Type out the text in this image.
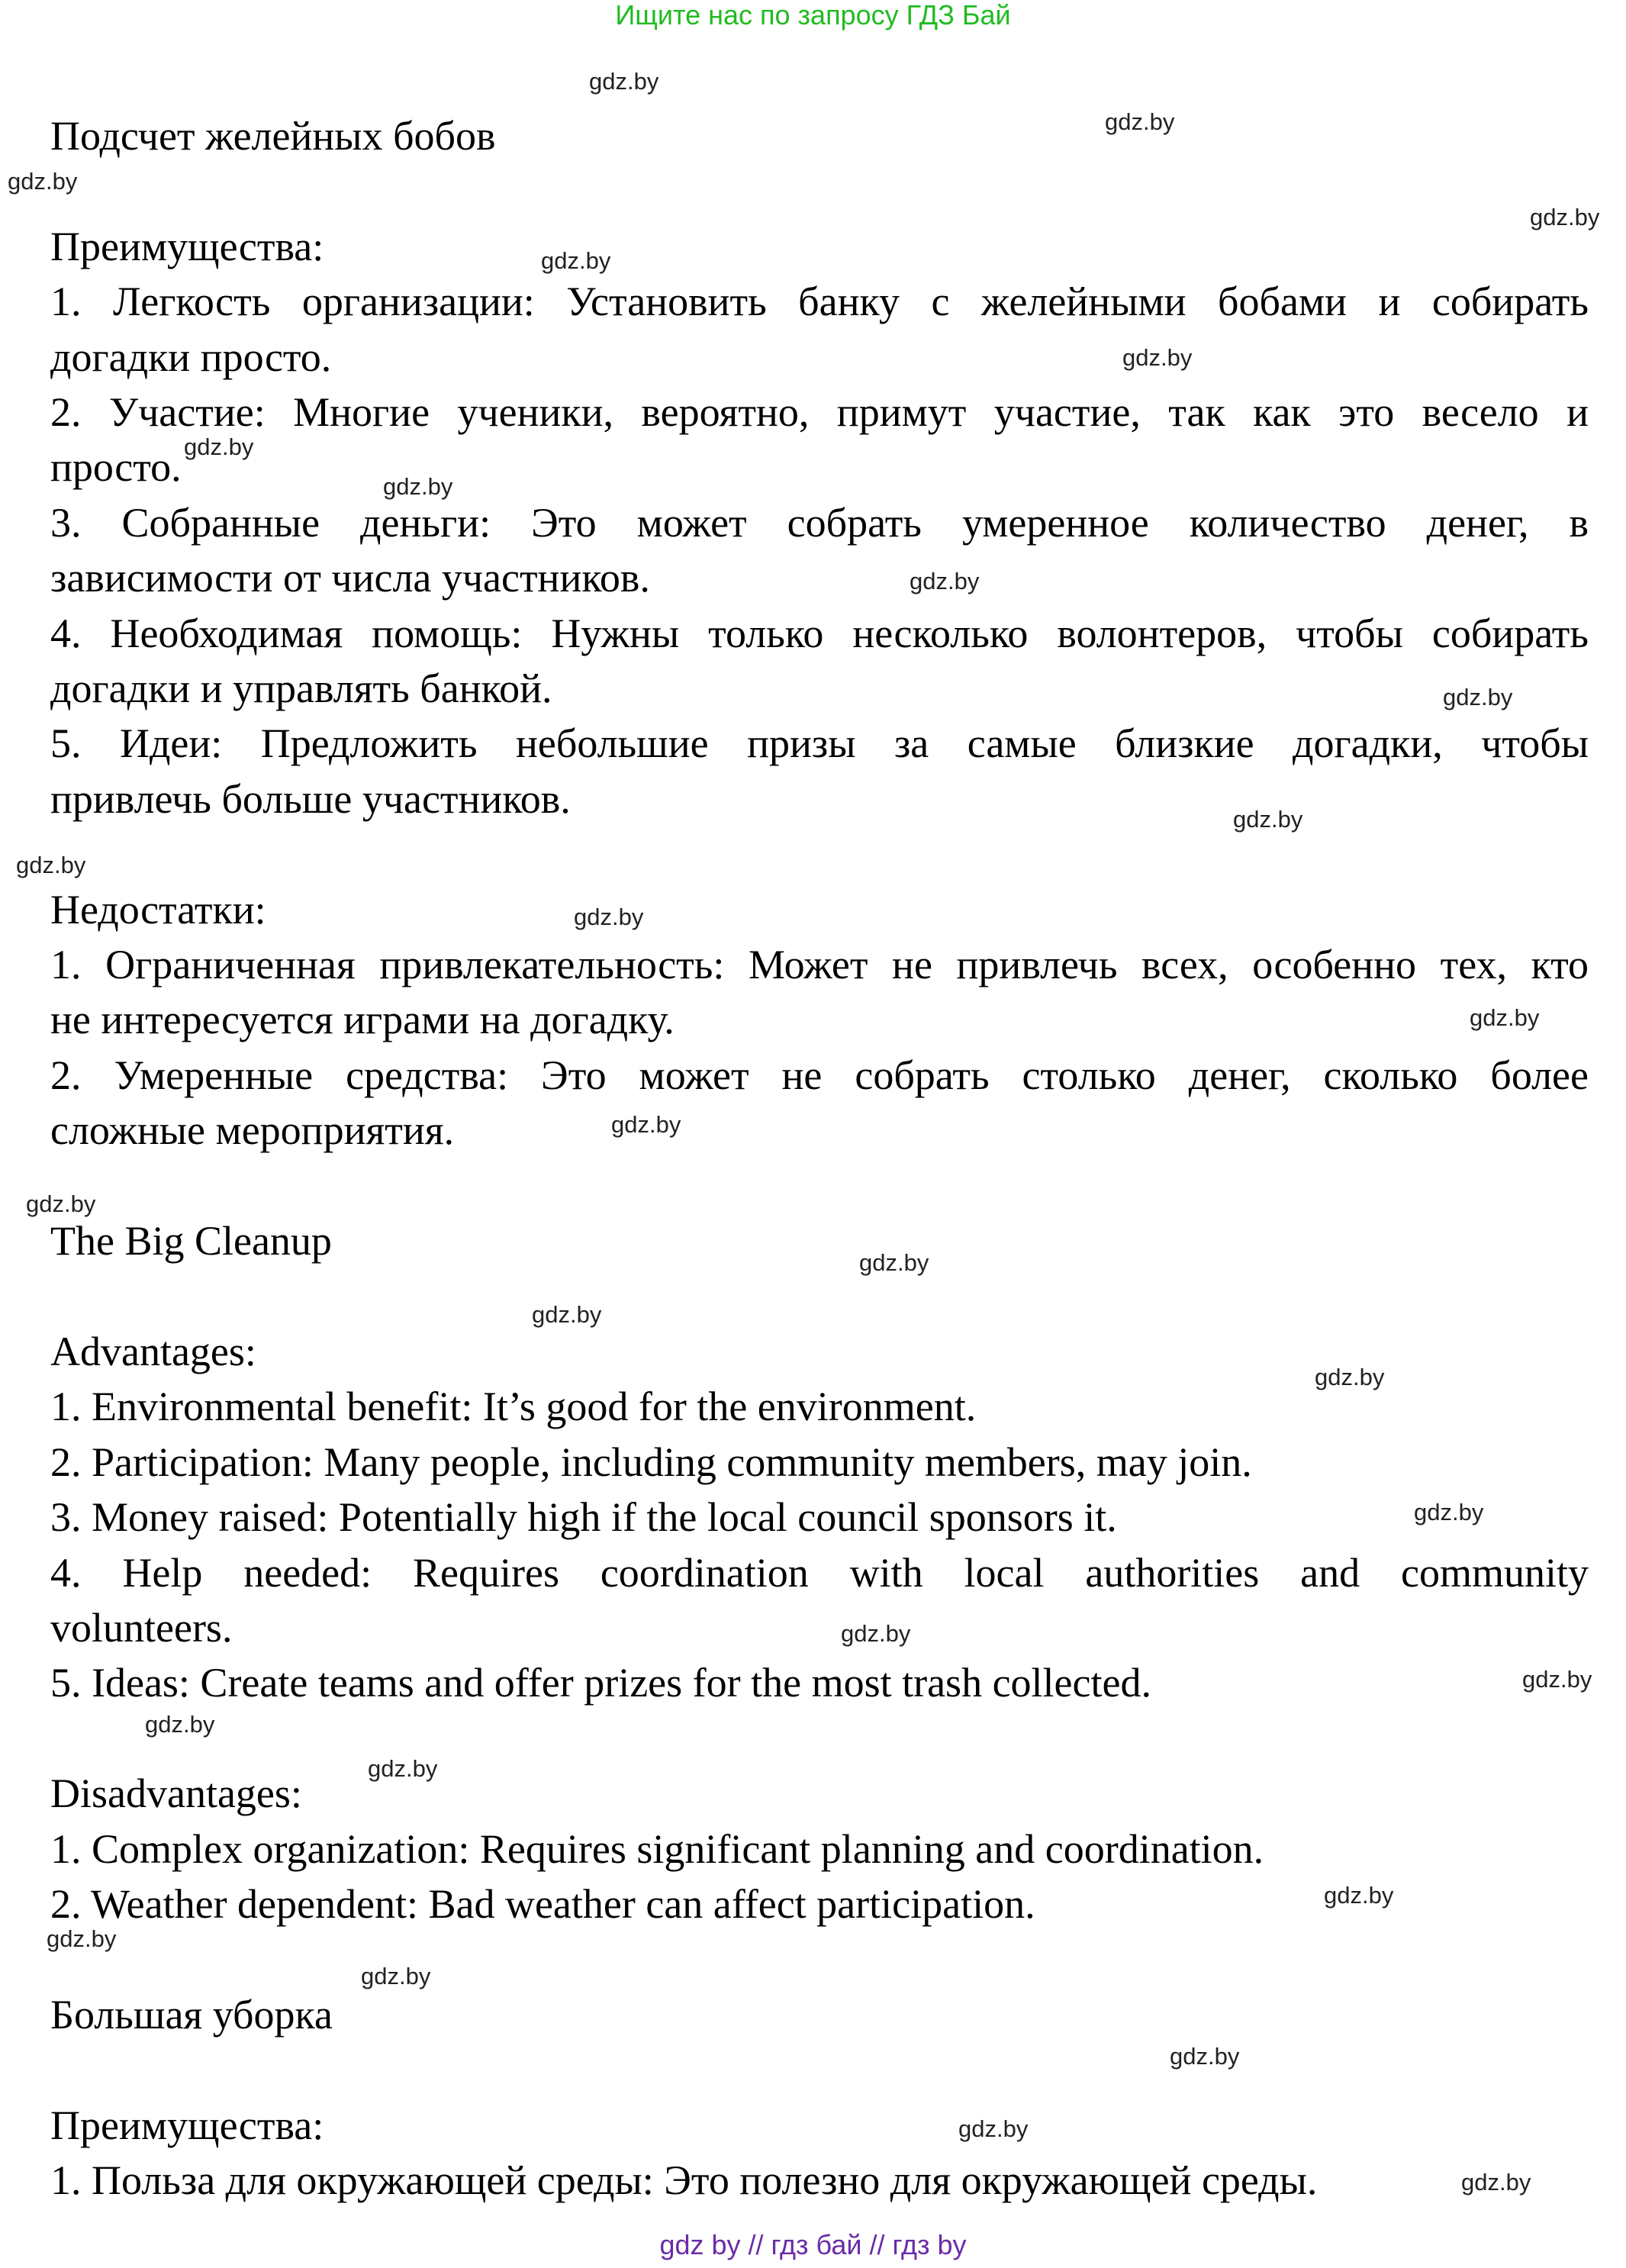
Ищите нас по запросу ГДЗ Бай
Подсчет желейных бобов
Преимущества:
1. Легкость организации: Установить банку с желейными бобами и собирать
догадки просто.
2. Участие: Многие ученики, вероятно, примут участие, так как это весело и
просто.
3. Собранные деньги: Это может собрать умеренное количество денег, в
зависимости от числа участников.
4. Необходимая помощь: Нужны только несколько волонтеров, чтобы собирать
догадки и управлять банкой.
5. Идеи: Предложить небольшие призы за самые близкие догадки, чтобы
привлечь больше участников.
Недостатки:
1. Ограниченная привлекательность: Может не привлечь всех, особенно тех, кто
не интересуется играми на догадку.
2. Умеренные средства: Это может не собрать столько денег, сколько более
сложные мероприятия.
The Big Cleanup
Advantages:
1. Environmental benefit: It’s good for the environment.
2. Participation: Many people, including community members, may join.
3. Money raised: Potentially high if the local council sponsors it.
4. Help needed: Requires coordination with local authorities and community
volunteers.
5. Ideas: Create teams and offer prizes for the most trash collected.
Disadvantages:
1. Complex organization: Requires significant planning and coordination.
2. Weather dependent: Bad weather can affect participation.
Большая уборка
Преимущества:
1. Польза для окружающей среды: Это полезно для окружающей среды.
gdz.by
gdz.by
gdz.by
gdz.by
gdz.by
gdz.by
gdz.by
gdz.by
gdz.by
gdz.by
gdz.by
gdz.by
gdz.by
gdz.by
gdz.by
gdz.by
gdz.by
gdz.by
gdz.by
gdz.by
gdz.by
gdz.by
gdz.by
gdz.by
gdz.by
gdz.by
gdz.by
gdz.by
gdz.by
gdz.by
gdz by // гдз бай // гдз by
